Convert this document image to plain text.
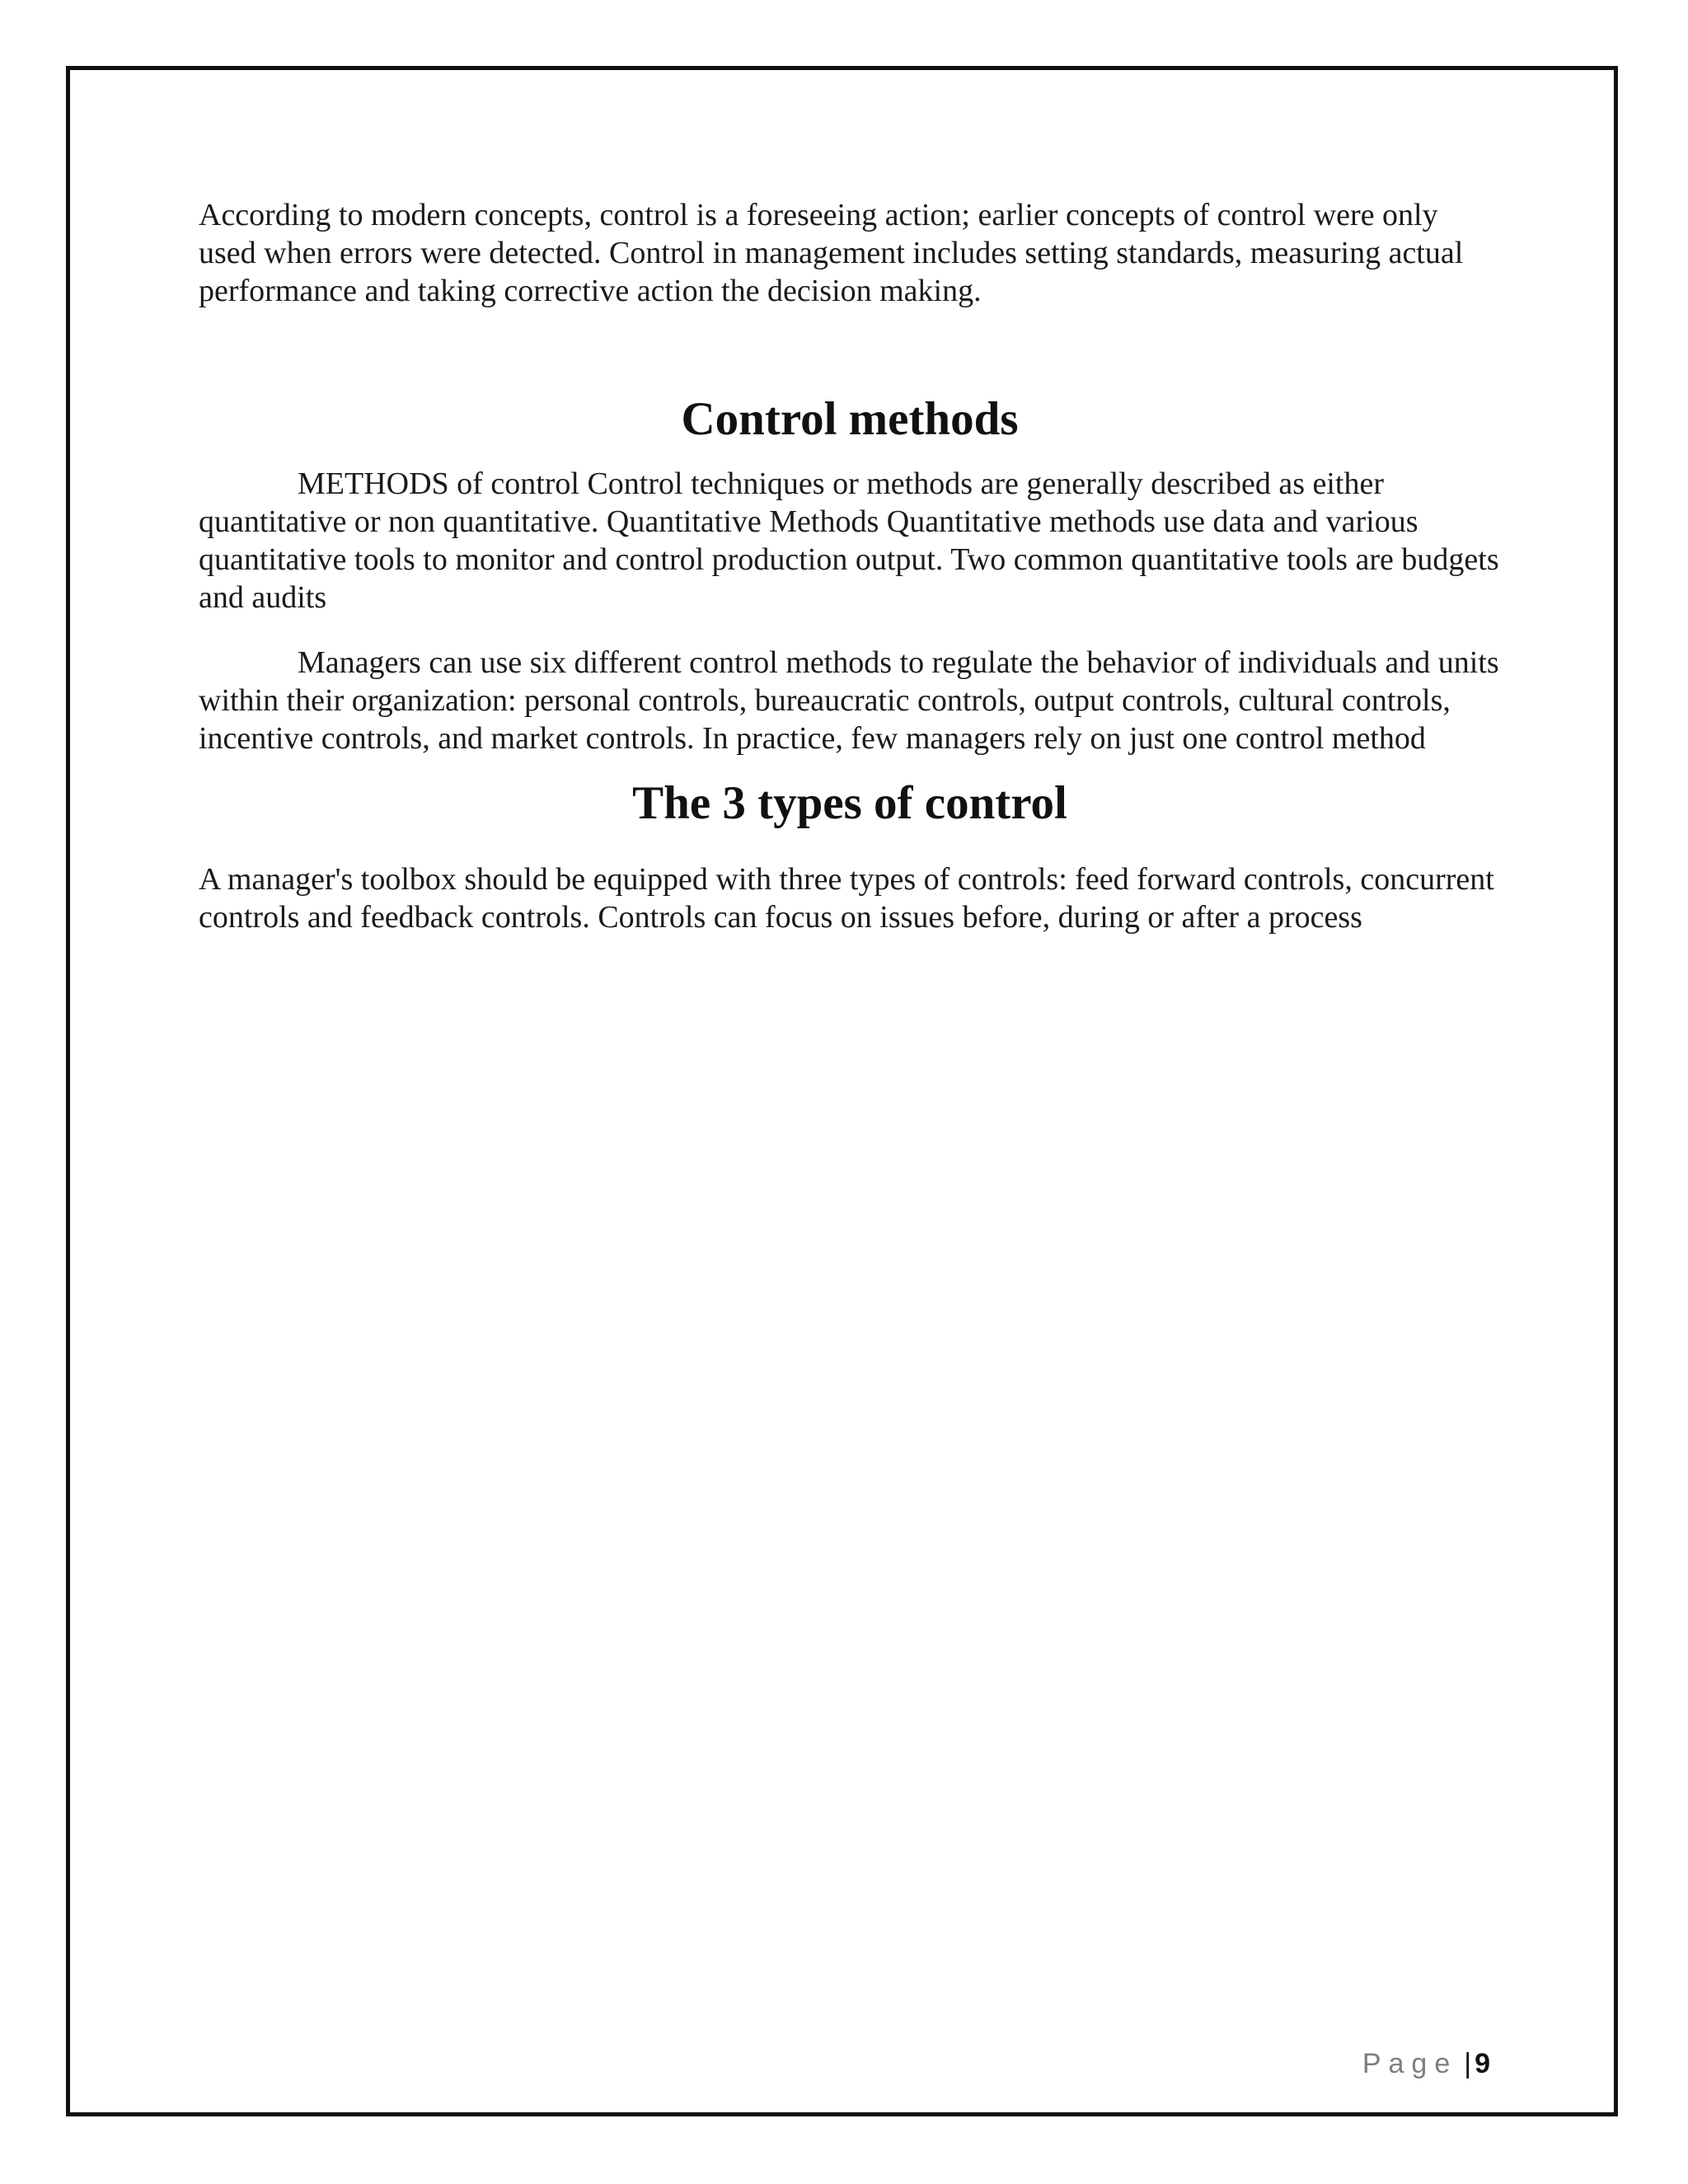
According to modern concepts, control is a foreseeing action; earlier concepts of control were only used when errors were detected. Control in management includes setting standards, measuring actual performance and taking corrective action the decision making.

Control methods

METHODS of control Control techniques or methods are generally described as either quantitative or non quantitative. Quantitative Methods Quantitative methods use data and various quantitative tools to monitor and control production output. Two common quantitative tools are budgets and audits

Managers can use six different control methods to regulate the behavior of individuals and units within their organization: personal controls, bureaucratic controls, output controls, cultural controls, incentive controls, and market controls. In practice, few managers rely on just one control method

The 3 types of control

A manager's toolbox should be equipped with three types of controls: feed forward controls, concurrent controls and feedback controls. Controls can focus on issues before, during or after a process

Page | 9
